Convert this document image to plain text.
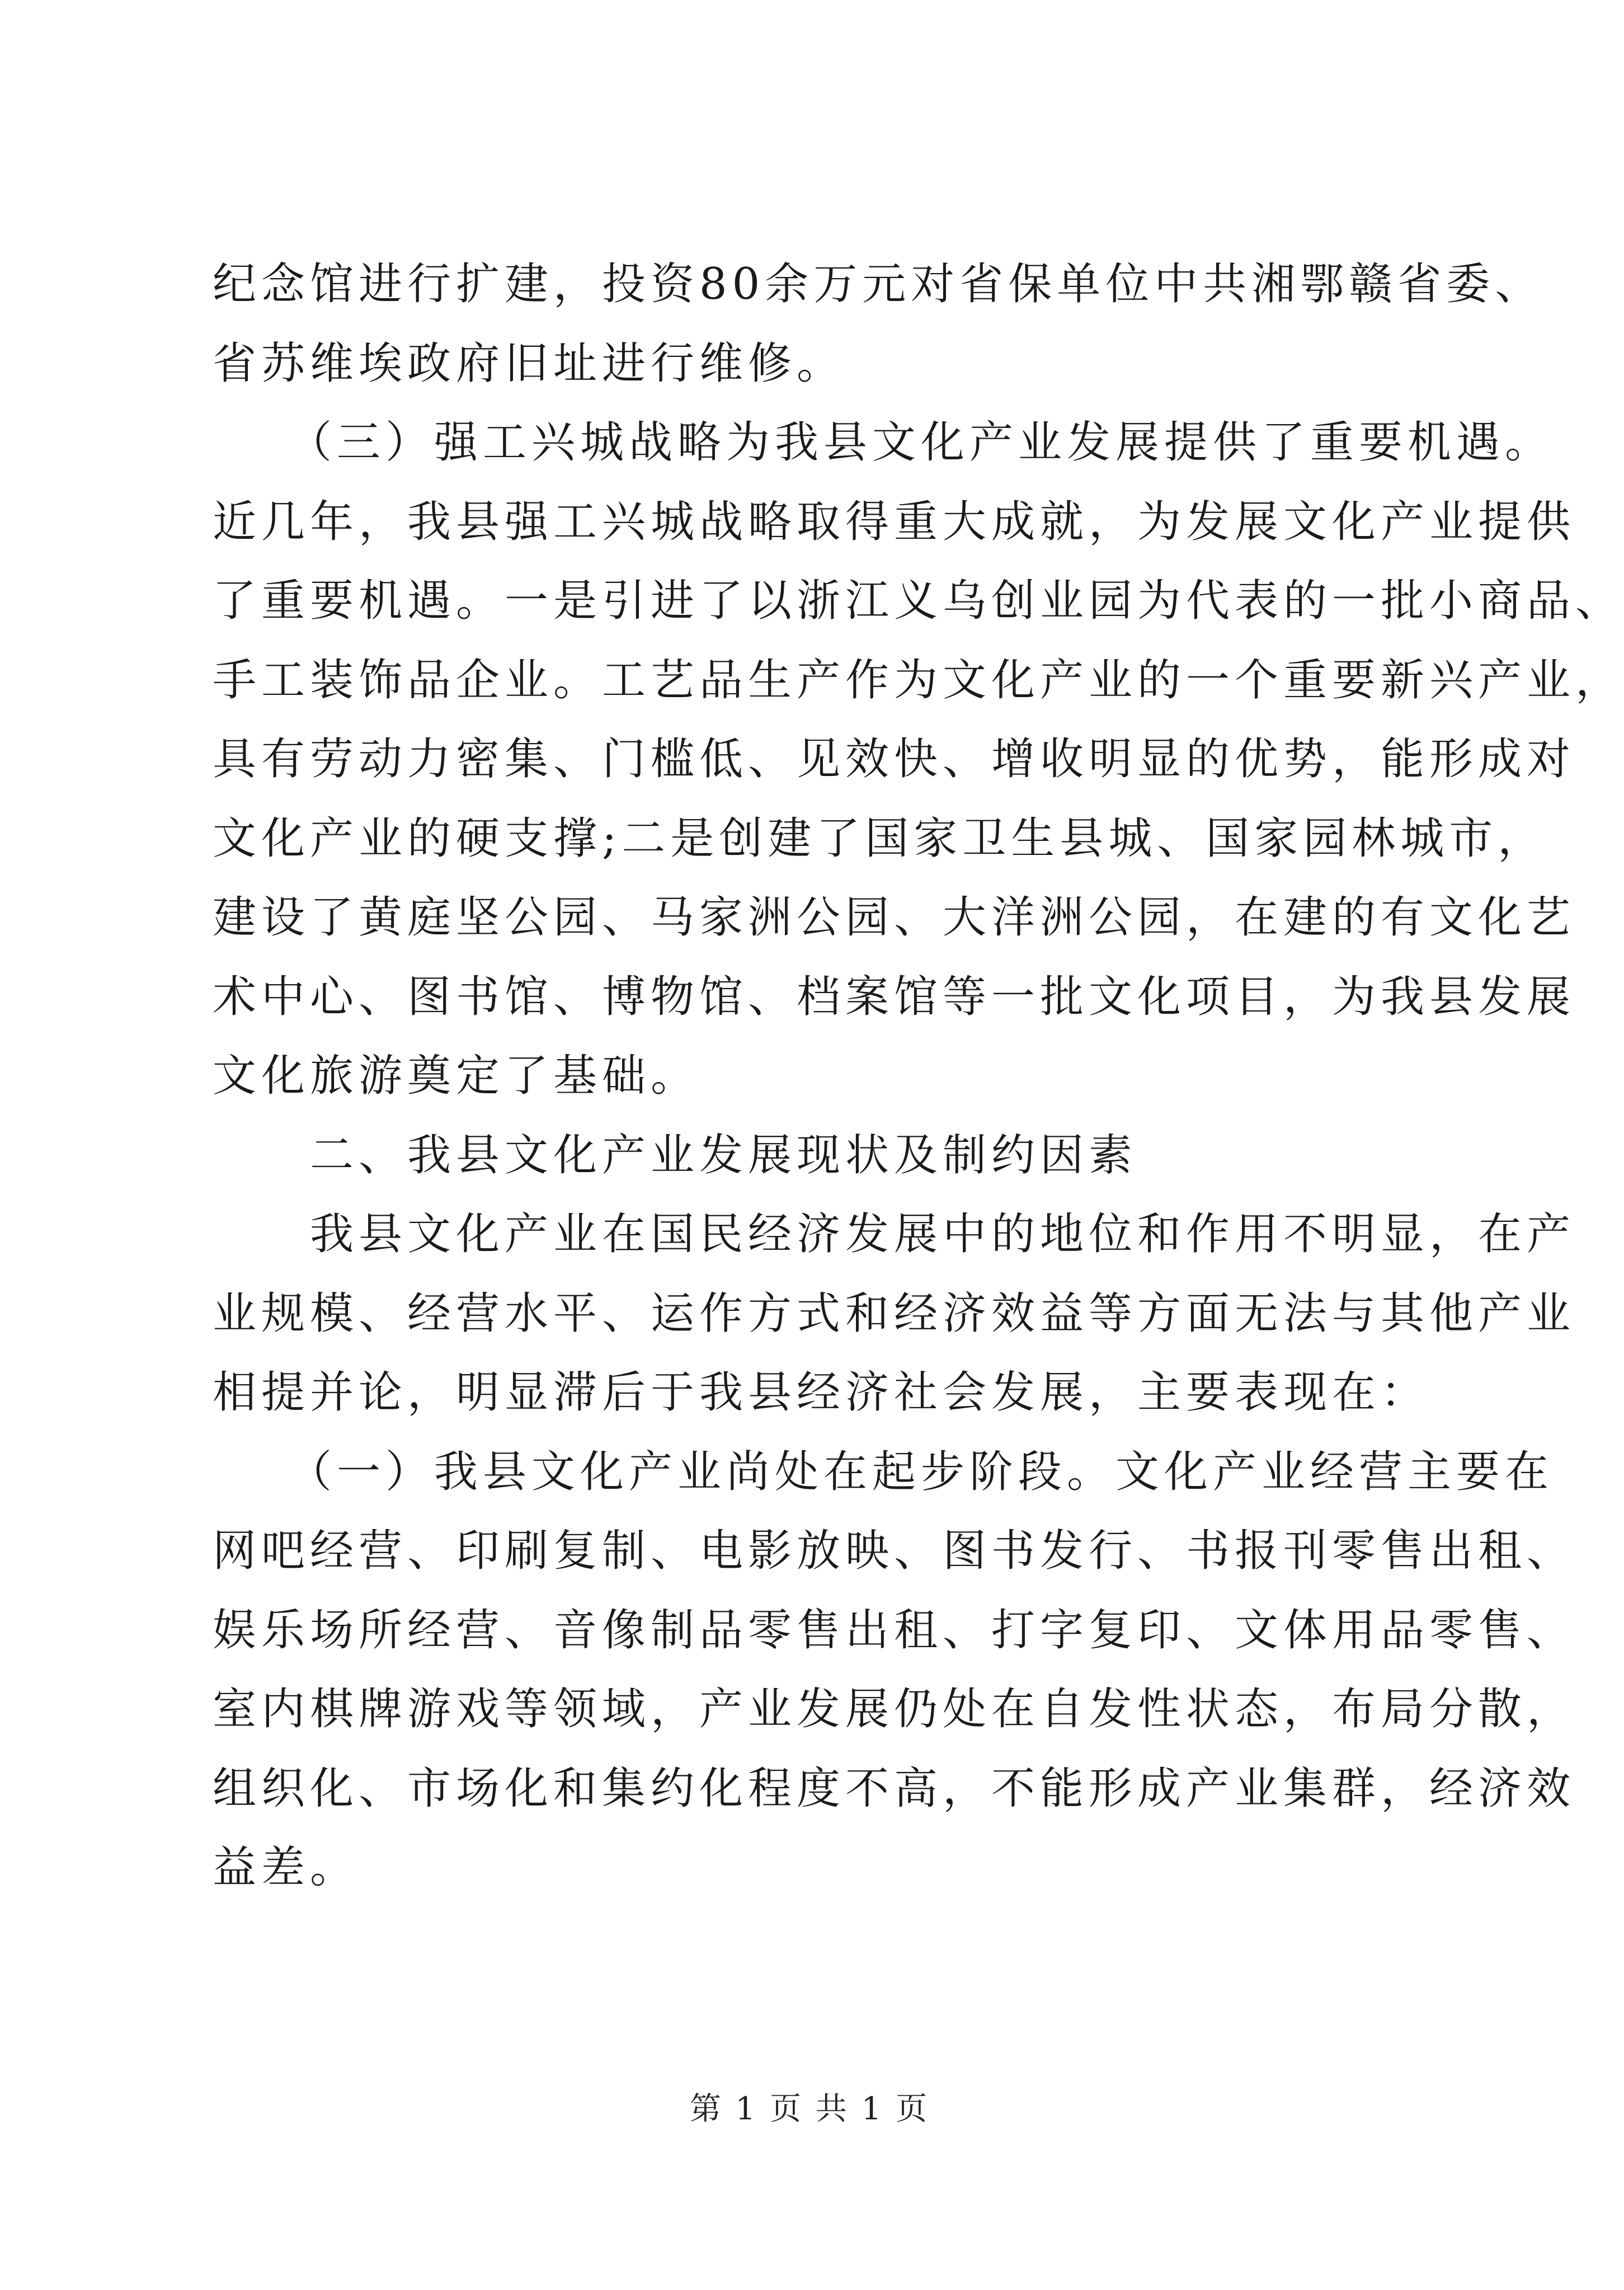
纪念馆进行扩建，投资80余万元对省保单位中共湘鄂赣省委、
省苏维埃政府旧址进行维修。
　　（三）强工兴城战略为我县文化产业发展提供了重要机遇。
近几年，我县强工兴城战略取得重大成就，为发展文化产业提供
了重要机遇。一是引进了以浙江义乌创业园为代表的一批小商品、
手工装饰品企业。工艺品生产作为文化产业的一个重要新兴产业，
具有劳动力密集、门槛低、见效快、增收明显的优势，能形成对
文化产业的硬支撑;二是创建了国家卫生县城、国家园林城市，
建设了黄庭坚公园、马家洲公园、大洋洲公园，在建的有文化艺
术中心、图书馆、博物馆、档案馆等一批文化项目，为我县发展
文化旅游奠定了基础。
　　二、我县文化产业发展现状及制约因素
　　我县文化产业在国民经济发展中的地位和作用不明显，在产
业规模、经营水平、运作方式和经济效益等方面无法与其他产业
相提并论，明显滞后于我县经济社会发展，主要表现在：
　　（一）我县文化产业尚处在起步阶段。文化产业经营主要在
网吧经营、印刷复制、电影放映、图书发行、书报刊零售出租、
娱乐场所经营、音像制品零售出租、打字复印、文体用品零售、
室内棋牌游戏等领域，产业发展仍处在自发性状态，布局分散，
组织化、市场化和集约化程度不高，不能形成产业集群，经济效
益差。
第 1 页 共 1 页
